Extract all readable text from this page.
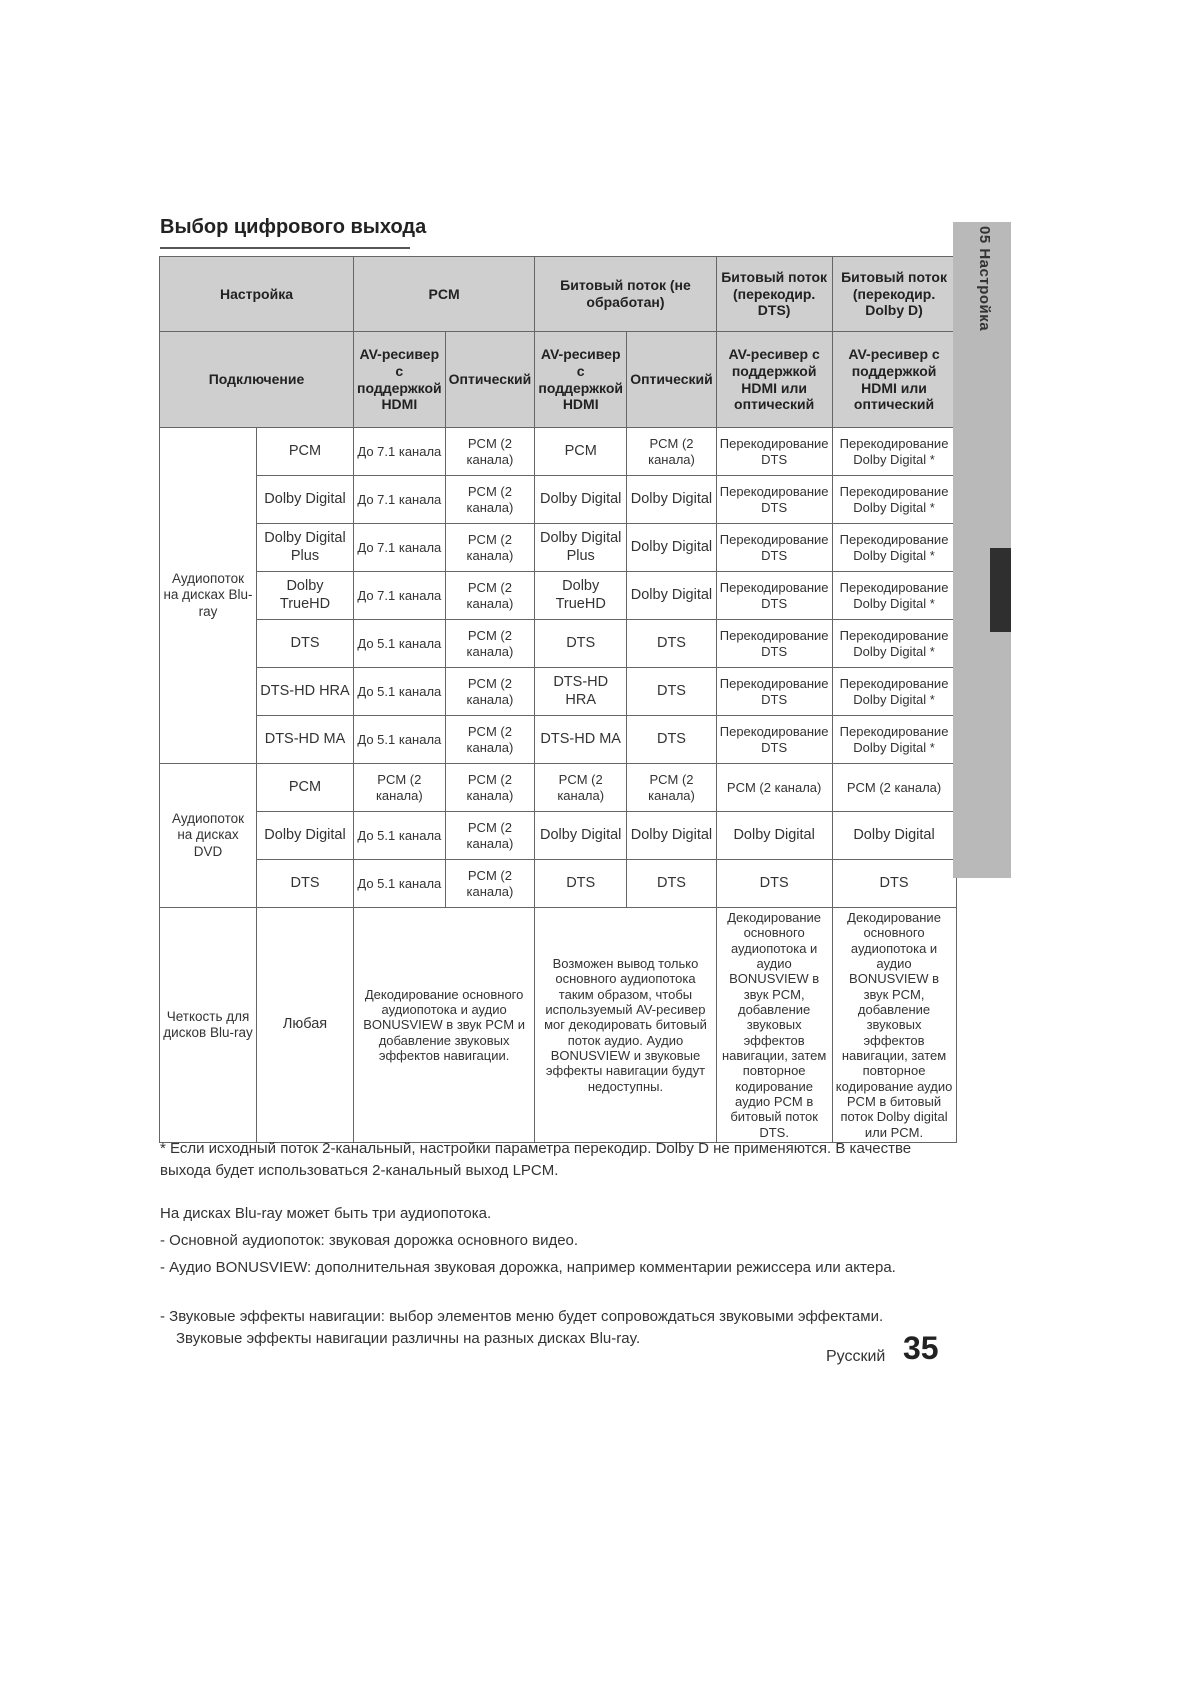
Выбор цифрового выхода
Настройка		PCM		Битовый поток (не обработан)		Битовый поток (перекодир. DTS)	Битовый поток (перекодир. Dolby D)
Подключение		AV-ресивер с поддержкой HDMI	Оптический	AV-ресивер с поддержкой HDMI	Оптический	AV-ресивер с поддержкой HDMI или оптический	AV-ресивер с поддержкой HDMI или оптический
Аудиопоток на дисках Blu-ray	PCM	До 7.1 канала	PCM (2 канала)	PCM	PCM (2 канала)	Перекодирование DTS	Перекодирование Dolby Digital *
	Dolby Digital	До 7.1 канала	PCM (2 канала)	Dolby Digital	Dolby Digital	Перекодирование DTS	Перекодирование Dolby Digital *
	Dolby Digital Plus	До 7.1 канала	PCM (2 канала)	Dolby Digital Plus	Dolby Digital	Перекодирование DTS	Перекодирование Dolby Digital *
	Dolby TrueHD	До 7.1 канала	PCM (2 канала)	Dolby TrueHD	Dolby Digital	Перекодирование DTS	Перекодирование Dolby Digital *
	DTS	До 5.1 канала	PCM (2 канала)	DTS	DTS	Перекодирование DTS	Перекодирование Dolby Digital *
	DTS-HD HRA	До 5.1 канала	PCM (2 канала)	DTS-HD HRA	DTS	Перекодирование DTS	Перекодирование Dolby Digital *
	DTS-HD MA	До 5.1 канала	PCM (2 канала)	DTS-HD MA	DTS	Перекодирование DTS	Перекодирование Dolby Digital *
Аудиопоток на дисках DVD	PCM	PCM (2 канала)	PCM (2 канала)	PCM (2 канала)	PCM (2 канала)	PCM (2 канала)	PCM (2 канала)
	Dolby Digital	До 5.1 канала	PCM (2 канала)	Dolby Digital	Dolby Digital	Dolby Digital	Dolby Digital
	DTS	До 5.1 канала	PCM (2 канала)	DTS	DTS	DTS	DTS
Четкость для дисков Blu-ray	Любая	Декодирование основного аудиопотока и аудио BONUSVIEW в звук PCM и добавление звуковых эффектов навигации.		Возможен вывод только основного аудиопотока таким образом, чтобы используемый AV-ресивер мог декодировать битовый поток аудио. Аудио BONUSVIEW и звуковые эффекты навигации будут недоступны.		Декодирование основного аудиопотока и аудио BONUSVIEW в звук PCM, добавление звуковых эффектов навигации, затем повторное кодирование аудио PCM в битовый поток DTS.	Декодирование основного аудиопотока и аудио BONUSVIEW в звук PCM, добавление звуковых эффектов навигации, затем повторное кодирование аудио PCM в битовый поток Dolby digital или PCM.
* Если исходный поток 2-канальный, настройки параметра перекодир. Dolby D не применяются. В качестве выхода будет использоваться 2-канальный выход LPCM.
На дисках Blu-ray может быть три аудиопотока.
- Основной аудиопоток: звуковая дорожка основного видео.
- Аудио BONUSVIEW: дополнительная звуковая дорожка, например комментарии режиссера или актера.
- Звуковые эффекты навигации: выбор элементов меню будет сопровождаться звуковыми эффектами. Звуковые эффекты навигации различны на разных дисках Blu-ray.
05 Настройка
Русский 35
